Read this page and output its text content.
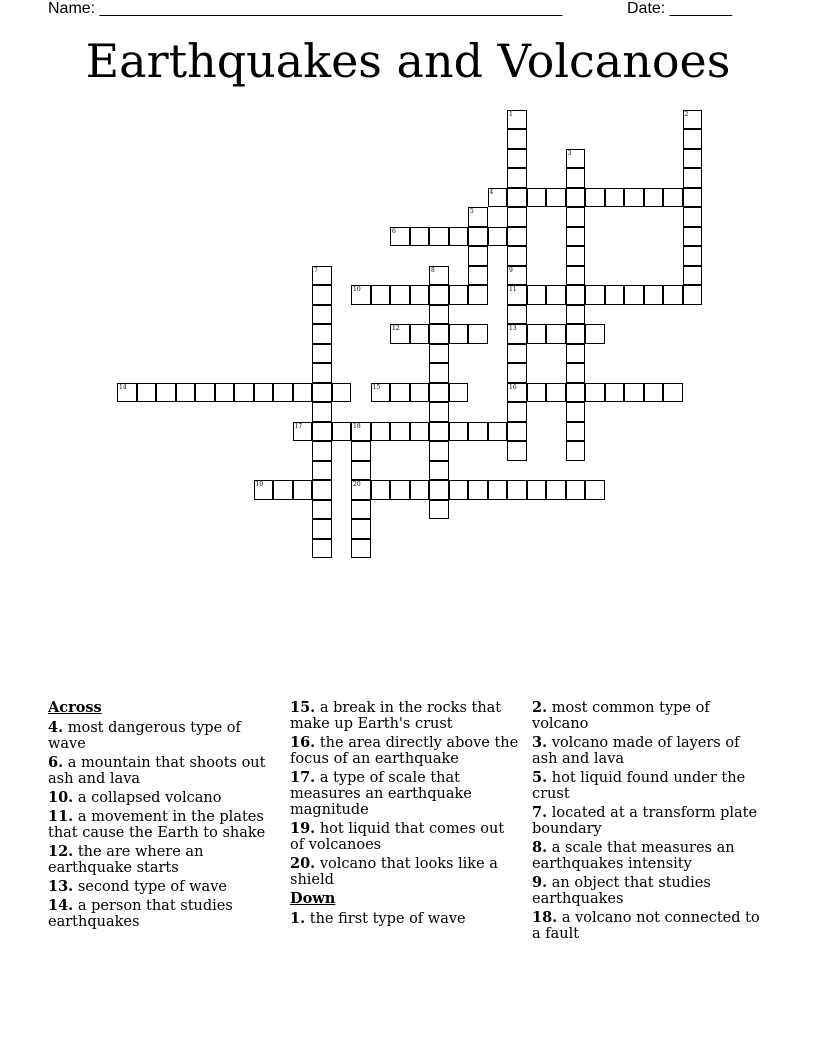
Name: ____________________________________________________	Date: _______
Earthquakes and Volcanoes
1
9
11
13
16
2
3
4
5
6
7	8
10
12
14	15
17	18
20
19
Across
4. most dangerous type of wave
6. a mountain that shoots out ash and lava
10. a collapsed volcano
11. a movement in the plates that cause the Earth to shake
12. the are where an earthquake starts
13. second type of wave
14. a person that studies earthquakes
15. a break in the rocks that make up Earth's crust
16. the area directly above the focus of an earthquake
17. a type of scale that measures an earthquake magnitude
19. hot liquid that comes out of volcanoes
20. volcano that looks like a shield
Down
1. the first type of wave
2. most common type of volcano
3. volcano made of layers of ash and lava
5. hot liquid found under the crust
7. located at a transform plate boundary
8. a scale that measures an earthquakes intensity
9. an object that studies earthquakes
18. a volcano not connected to a fault
